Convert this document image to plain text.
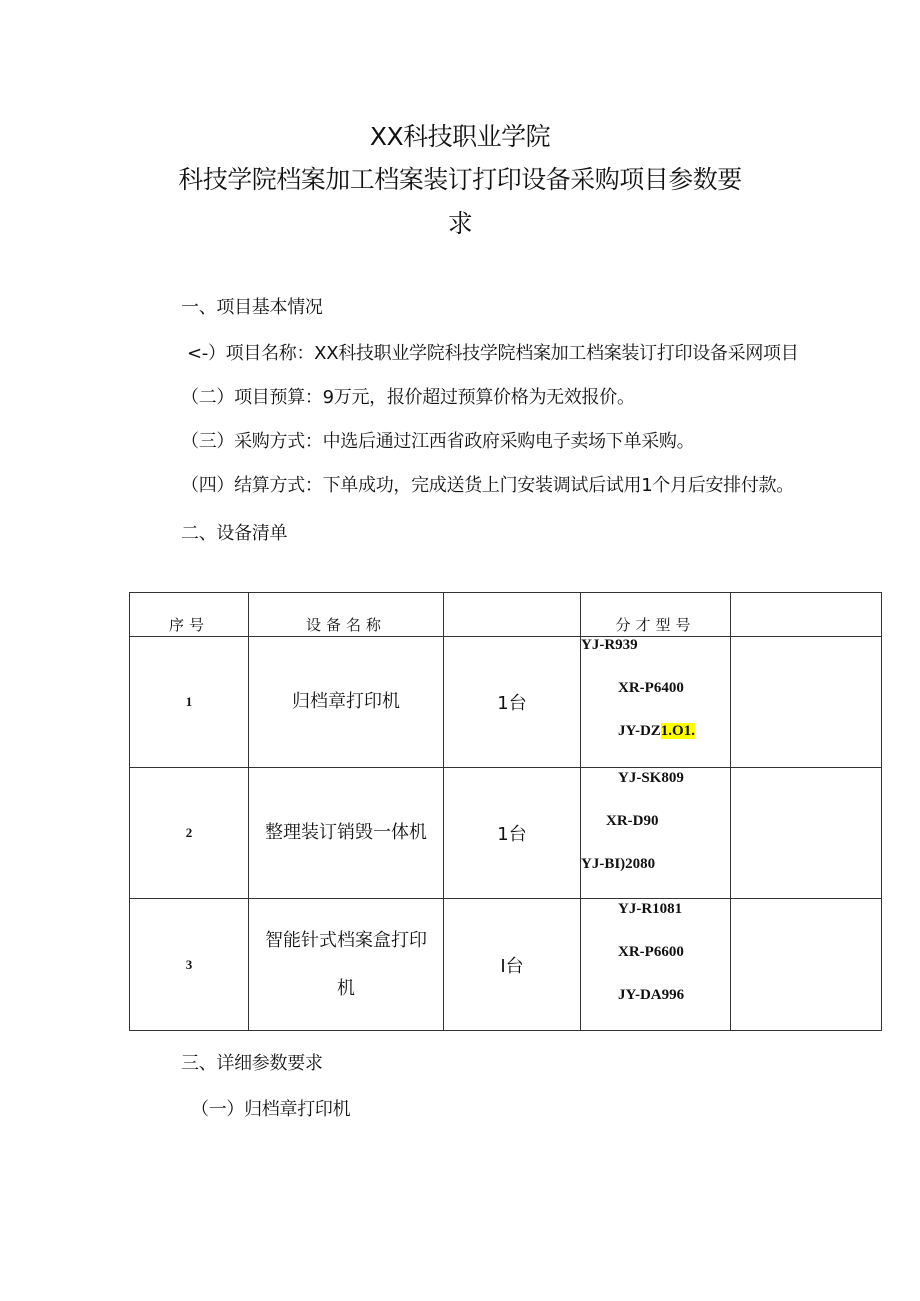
XX科技职业学院
科技学院档案加工档案装订打印设备采购项目参数要
求
一、项目基本情况
<-）项目名称：XX科技职业学院科技学院档案加工档案装订打印设备采网项目
（二）项目预算：9万元，报价超过预算价格为无效报价。
（三）采购方式：中选后通过江西省政府采购电子卖场下单采购。
（四）结算方式：下单成功，完成送货上门安装调试后试用1个月后安排付款。
二、设备清单
序号	设备名称		分才型号	
1	归档章打印机	1台	YJ-R939
XR-P6400
JY-DZ1.O1.	

2	整理装订销毁一体机	1台	YJ-SK809
XR-D90
YJ-BI)2080	

3	智能针式档案盒打印
机	I台	YJ-R1081
XR-P6600
JY-DA996	

三、详细参数要求
（一）归档章打印机
